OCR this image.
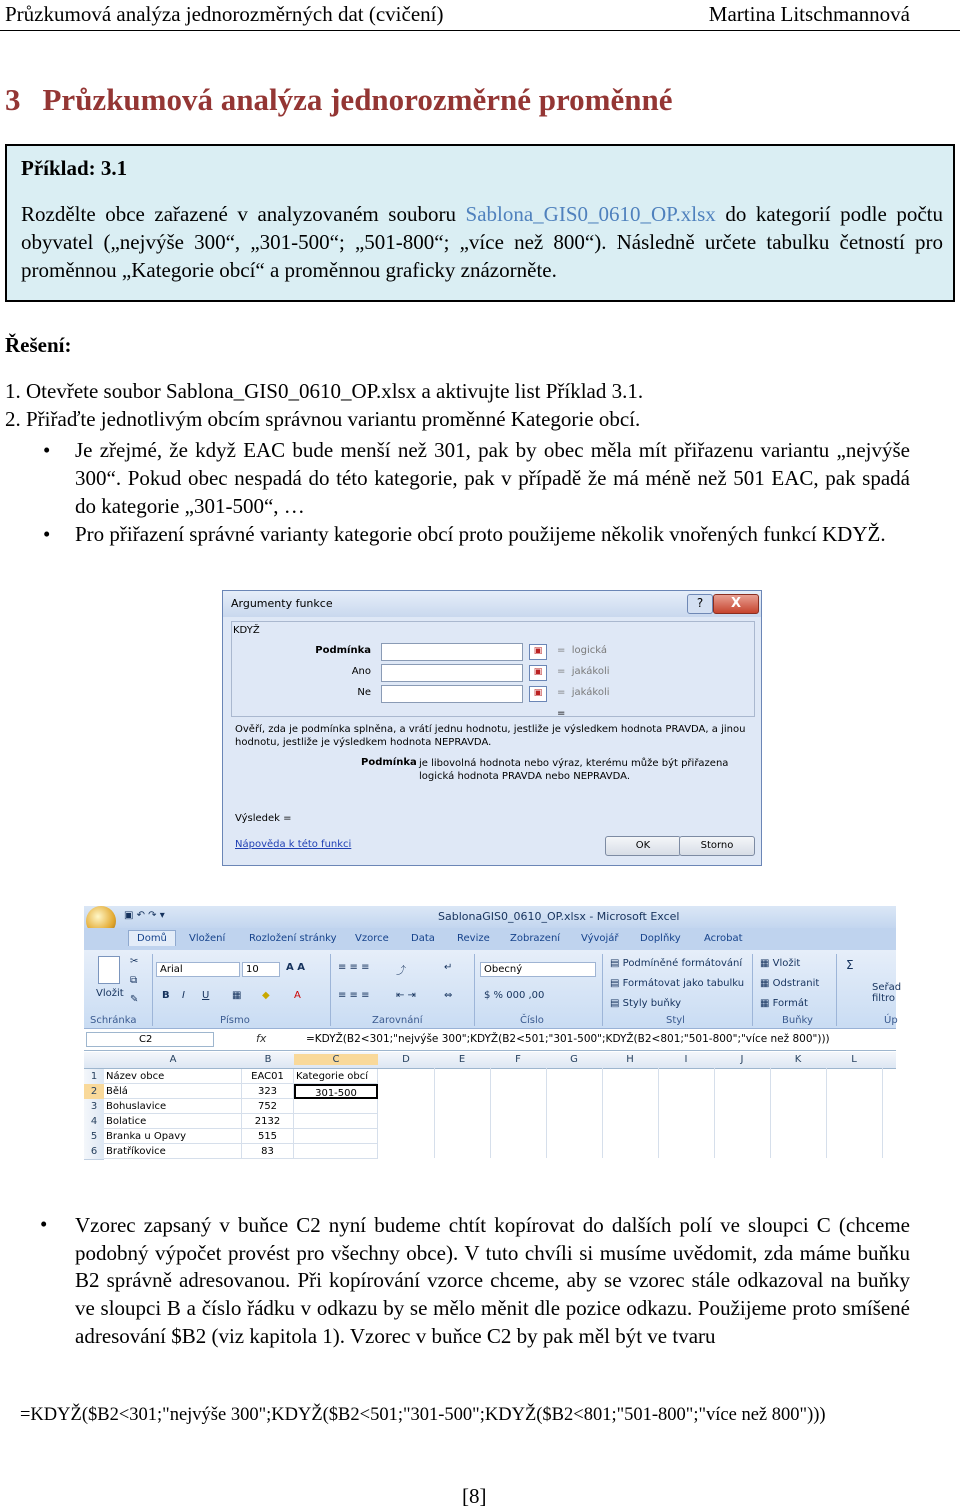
Průzkumová analýza jednorozměrných dat (cvičení)	Martina Litschmannová
3 Průzkumová analýza jednorozměrné proměnné
Příklad: 3.1
Rozdělte obce zařazené v analyzovaném souboru Sablona_GIS0_0610_OP.xlsx do kategorií podle počtu obyvatel („nejvýše 300“, „301-500“; „501-800“; „více než 800“). Následně určete tabulku četností pro proměnnou „Kategorie obcí“ a proměnnou graficky znázorněte.
Řešení:
1. Otevřete soubor Sablona_GIS0_0610_OP.xlsx a aktivujte list Příklad 3.1.
2. Přiřaďte jednotlivým obcím správnou variantu proměnné Kategorie obcí.
• Je zřejmé, že když EAC bude menší než 301, pak by obec měla mít přiřazenu variantu „nejvýše 300“. Pokud obec nespadá do této kategorie, pak v případě že má méně než 501 EAC, pak spadá do kategorie „301-500“, …
• Pro přiřazení správné varianty kategorie obcí proto použijeme několik vnořených funkcí KDYŽ.
Argumenty funkce	?	X
KDYŽ
Podmínka	▣	=  logická
Ano	▣	=  jakákoli
Ne	▣	=  jakákoli
=
Ověří, zda je podmínka splněna, a vrátí jednu hodnotu, jestliže je výsledkem hodnota PRAVDA, a jinou hodnotu, jestliže je výsledkem hodnota NEPRAVDA.
Podmínka je libovolná hodnota nebo výraz, kterému může být přiřazena logická hodnota PRAVDA nebo NEPRAVDA.
Výsledek =
Nápověda k této funkci	OK	Storno
▣ ↶ ↷ ▾	SablonaGIS0_0610_OP.xlsx - Microsoft Excel
Domů	Vložení Rozložení stránky Vzorce Data Revize Zobrazení Vývojář Doplňky Acrobat
Vložit
✂
⧉
✎
Schránka
Arial	10	A A
B I U ▦ ◆ A
Písmo
≡ ≡ ≡	⤴
≡ ≡ ≡	⇤ ⇥
↵
⇔
Zarovnání
Obecný
$ % 000 ,00
Číslo
▤ Podmíněné formátování
▤ Formátovat jako tabulku
▤ Styly buňky
Styl
▦ Vložit
▦ Odstranit
▦ Formát
Buňky
Σ
Seřad filtro
Úp
C2	fx	=KDYŽ(B2<301;"nejvýše 300";KDYŽ(B2<501;"301-500";KDYŽ(B2<801;"501-800";"více než 800")))
A	B	C	D	E	F	G	H	I	J	K	L
1 Název obce	EAC01	Kategorie obcí
2 Bělá	323	301-500
3 Bohuslavice	752
4 Bolatice	2132
5 Branka u Opavy	515
6 Bratříkovice	83
• Vzorec zapsaný v buňce C2 nyní budeme chtít kopírovat do dalších polí ve sloupci C (chceme podobný výpočet provést pro všechny obce). V tuto chvíli si musíme uvědomit, zda máme buňku B2 správně adresovanou. Při kopírování vzorce chceme, aby se vzorec stále odkazoval na buňky ve sloupci B a číslo řádku v odkazu by se mělo měnit dle pozice odkazu. Použijeme proto smíšené adresování $B2 (viz kapitola 1). Vzorec v buňce C2 by pak měl být ve tvaru
=KDYŽ($B2<301;"nejvýše 300";KDYŽ($B2<501;"301-500";KDYŽ($B2<801;"501-800";"více než 800")))
[8]
